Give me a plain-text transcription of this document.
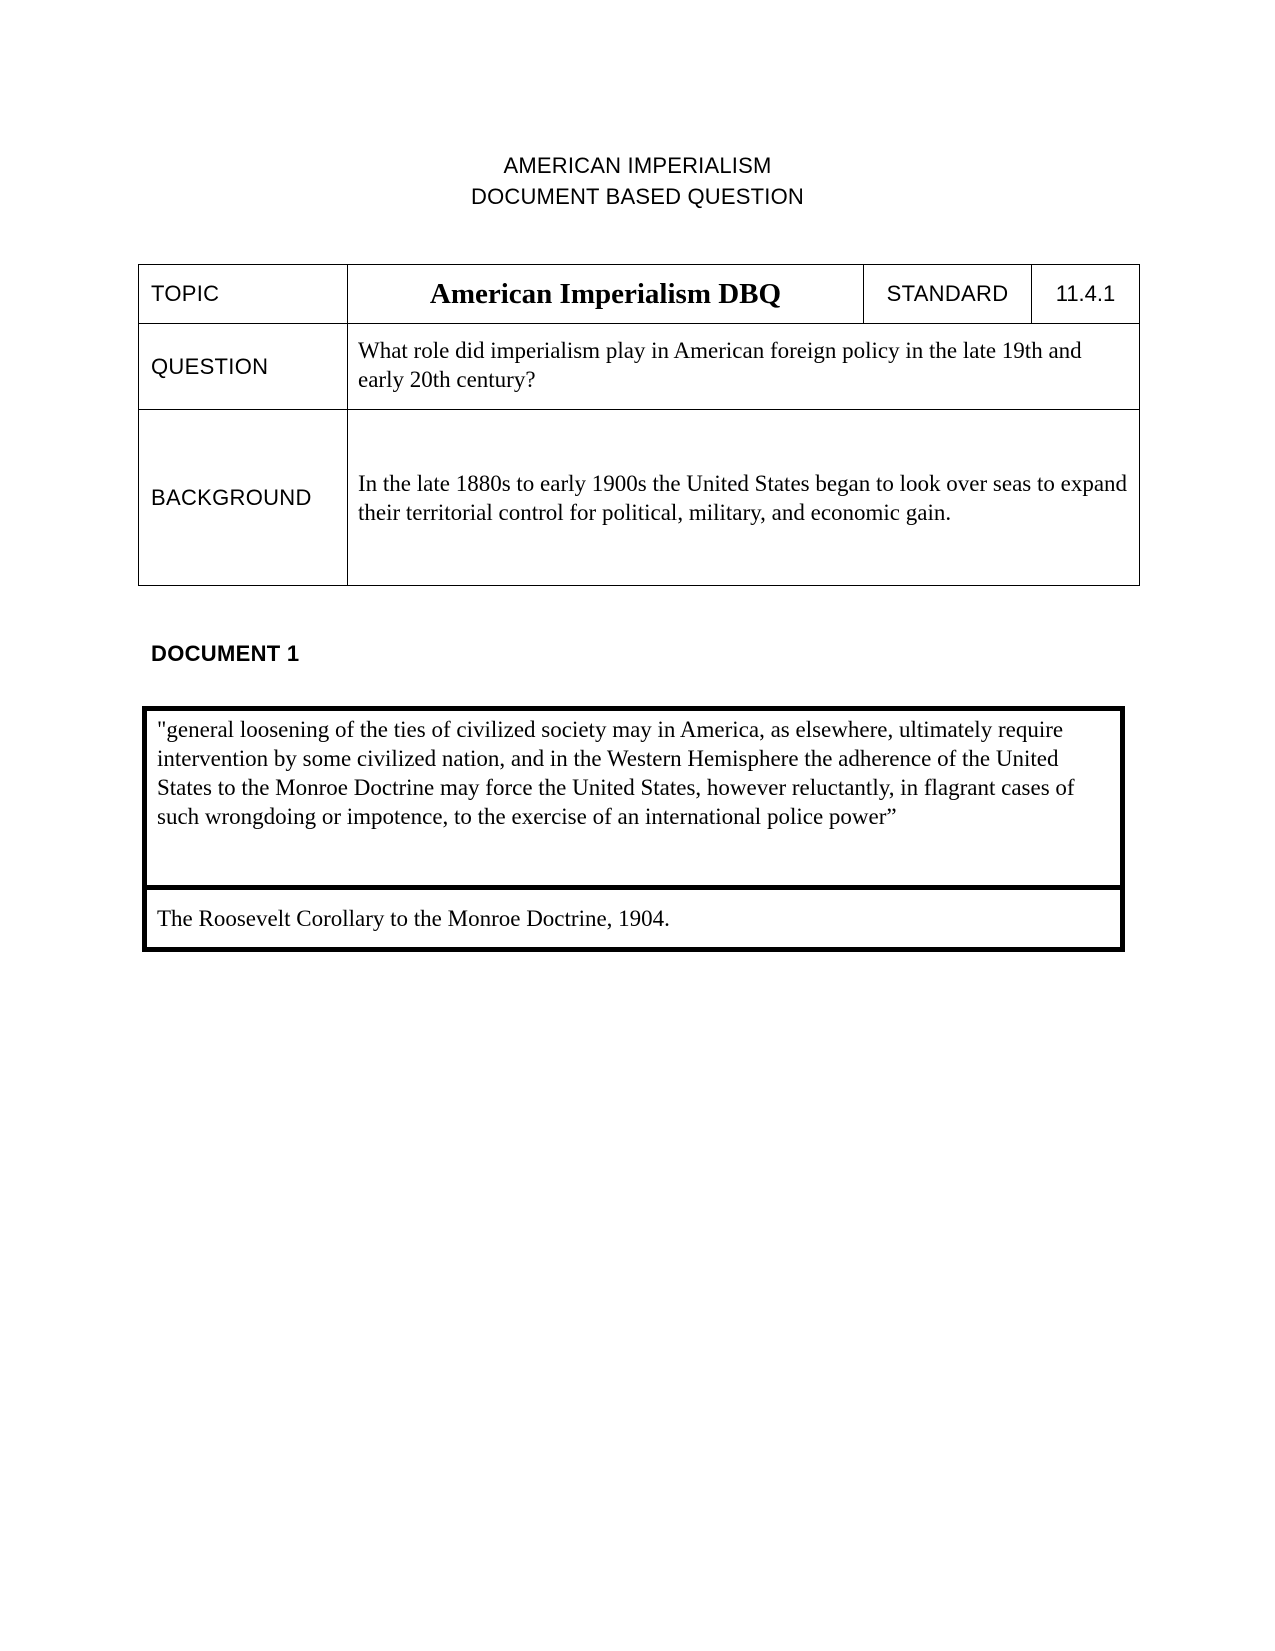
AMERICAN IMPERIALISM
DOCUMENT BASED QUESTION
TOPIC	American Imperialism DBQ	STANDARD	11.4.1
QUESTION	What role did imperialism play in American foreign policy in the late 19th and early 20th century?		
BACKGROUND	In the late 1880s to early 1900s the United States began to look over seas to expand their territorial control for political, military, and economic gain.		
DOCUMENT 1
"general loosening of the ties of civilized society may in America, as elsewhere, ultimately require intervention by some civilized nation, and in the Western Hemisphere the adherence of the United States to the Monroe Doctrine may force the United States, however reluctantly, in flagrant cases of such wrongdoing or impotence, to the exercise of an international police power”
The Roosevelt Corollary to the Monroe Doctrine, 1904.
